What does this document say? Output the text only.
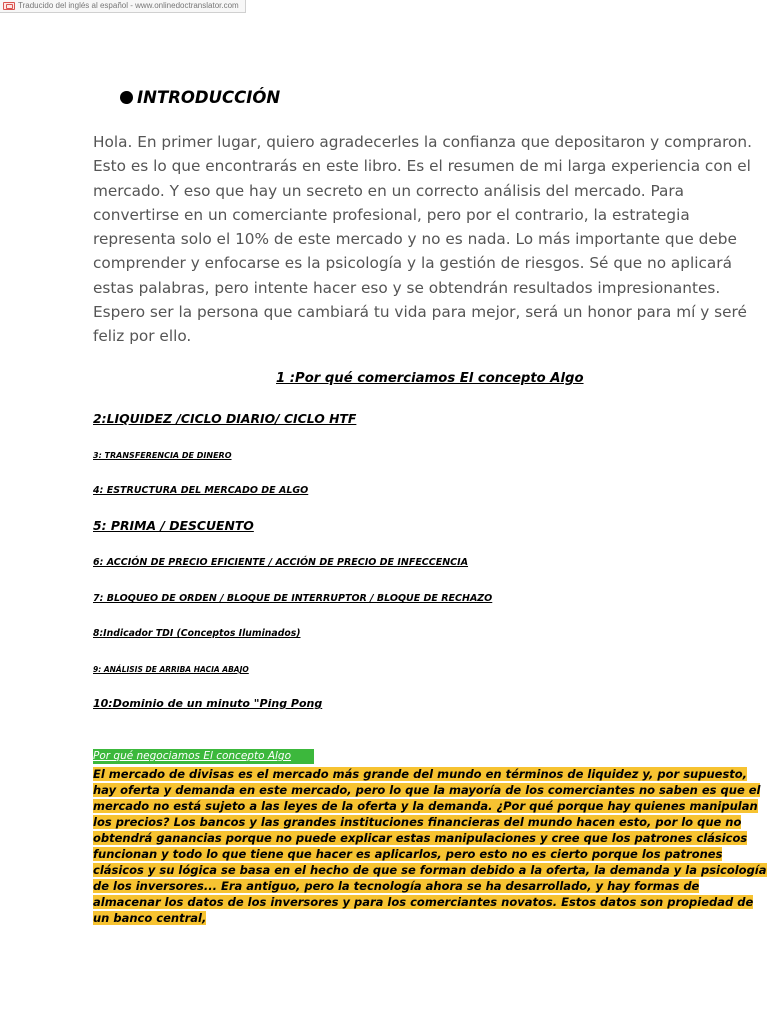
Traducido del inglés al español - www.onlinedoctranslator.com
INTRODUCCIÓN

Hola. En primer lugar, quiero agradecerles la confianza que depositaron y compraron. Esto es lo que encontrarás en este libro. Es el resumen de mi larga experiencia con el mercado. Y eso que hay un secreto en un correcto análisis del mercado. Para convertirse en un comerciante profesional, pero por el contrario, la estrategia representa solo el 10% de este mercado y no es nada. Lo más importante que debe comprender y enfocarse es la psicología y la gestión de riesgos. Sé que no aplicará estas palabras, pero intente hacer eso y se obtendrán resultados impresionantes. Espero ser la persona que cambiará tu vida para mejor, será un honor para mí y seré feliz por ello.

1 :Por qué comerciamos El concepto Algo
2:LIQUIDEZ /CICLO DIARIO/ CICLO HTF
3: TRANSFERENCIA DE DINERO
4: ESTRUCTURA DEL MERCADO DE ALGO
5: PRIMA / DESCUENTO
6: ACCIÓN DE PRECIO EFICIENTE / ACCIÓN DE PRECIO DE INFECCENCIA
7: BLOQUEO DE ORDEN / BLOQUE DE INTERRUPTOR / BLOQUE DE RECHAZO
8:Indicador TDI (Conceptos Iluminados)
9: ANÁLISIS DE ARRIBA HACIA ABAJO
10:Dominio de un minuto "Ping Pong
Por qué negociamos El concepto Algo

El mercado de divisas es el mercado más grande del mundo en términos de liquidez y, por supuesto, hay oferta y demanda en este mercado, pero lo que la mayoría de los comerciantes no saben es que el mercado no está sujeto a las leyes de la oferta y la demanda. ¿Por qué porque hay quienes manipulan los precios? Los bancos y las grandes instituciones financieras del mundo hacen esto, por lo que no obtendrá ganancias porque no puede explicar estas manipulaciones y cree que los patrones clásicos funcionan y todo lo que tiene que hacer es aplicarlos, pero esto no es cierto porque los patrones clásicos y su lógica se basa en el hecho de que se forman debido a la oferta, la demanda y la psicología de los inversores... Era antiguo, pero la tecnología ahora se ha desarrollado, y hay formas de almacenar los datos de los inversores y para los comerciantes novatos. Estos datos son propiedad de un banco central,
